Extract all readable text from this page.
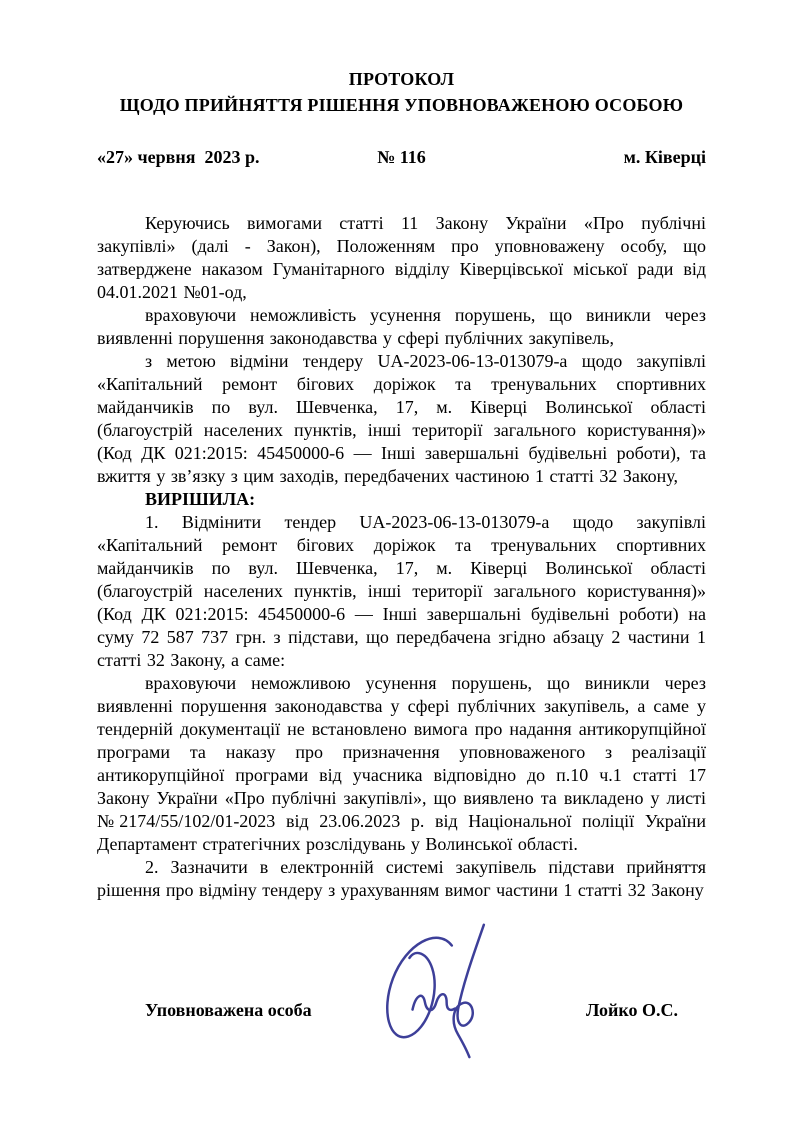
ПРОТОКОЛ
ЩОДО ПРИЙНЯТТЯ РІШЕННЯ УПОВНОВАЖЕНОЮ ОСОБОЮ
«27» червня  2023 р.	№ 116	м. Ківерці

Керуючись вимогами статті 11 Закону України «Про публічні закупівлі» (далі - Закон), Положенням про уповноважену особу, що затверджене наказом Гуманітарного відділу Ківерцівської міської ради від 04.01.2021 №01-од,

враховуючи неможливість усунення порушень, що виникли через виявленні порушення законодавства у сфері публічних закупівель,

з метою відміни тендеру UA-2023-06-13-013079-а щодо закупівлі «Капітальний ремонт бігових доріжок та тренувальних спортивних майданчиків по вул. Шевченка, 17, м. Ківерці Волинської області (благоустрій населених пунктів, інші території загального користування)» (Код ДК 021:2015: 45450000-6 — Інші завершальні будівельні роботи), та вжиття у зв’язку з цим заходів, передбачених частиною 1 статті 32 Закону,

ВИРІШИЛА:

1. Відмінити тендер UA-2023-06-13-013079-а щодо закупівлі «Капітальний ремонт бігових доріжок та тренувальних спортивних майданчиків по вул. Шевченка, 17, м. Ківерці Волинської області (благоустрій населених пунктів, інші території загального користування)» (Код ДК 021:2015: 45450000-6 — Інші завершальні будівельні роботи) на суму 72 587 737 грн. з підстави, що передбачена згідно абзацу 2 частини 1 статті 32 Закону, а саме:

враховуючи неможливою усунення порушень, що виникли через виявленні порушення законодавства у сфері публічних закупівель, а саме у тендерній документації не встановлено вимога про надання антикорупційної програми та наказу про призначення уповноваженого з реалізації антикорупційної програми від учасника відповідно до п.10 ч.1 статті 17 Закону України «Про публічні закупівлі», що виявлено та викладено у листі №2174/55/102/01-2023 від 23.06.2023 р. від Національної поліції України Департамент стратегічних розслідувань у Волинської області.

2. Зазначити в електронній системі закупівель підстави прийняття рішення про відміну тендеру з урахуванням вимог частини 1 статті 32 Закону

Уповноважена особа	Лойко О.С.
